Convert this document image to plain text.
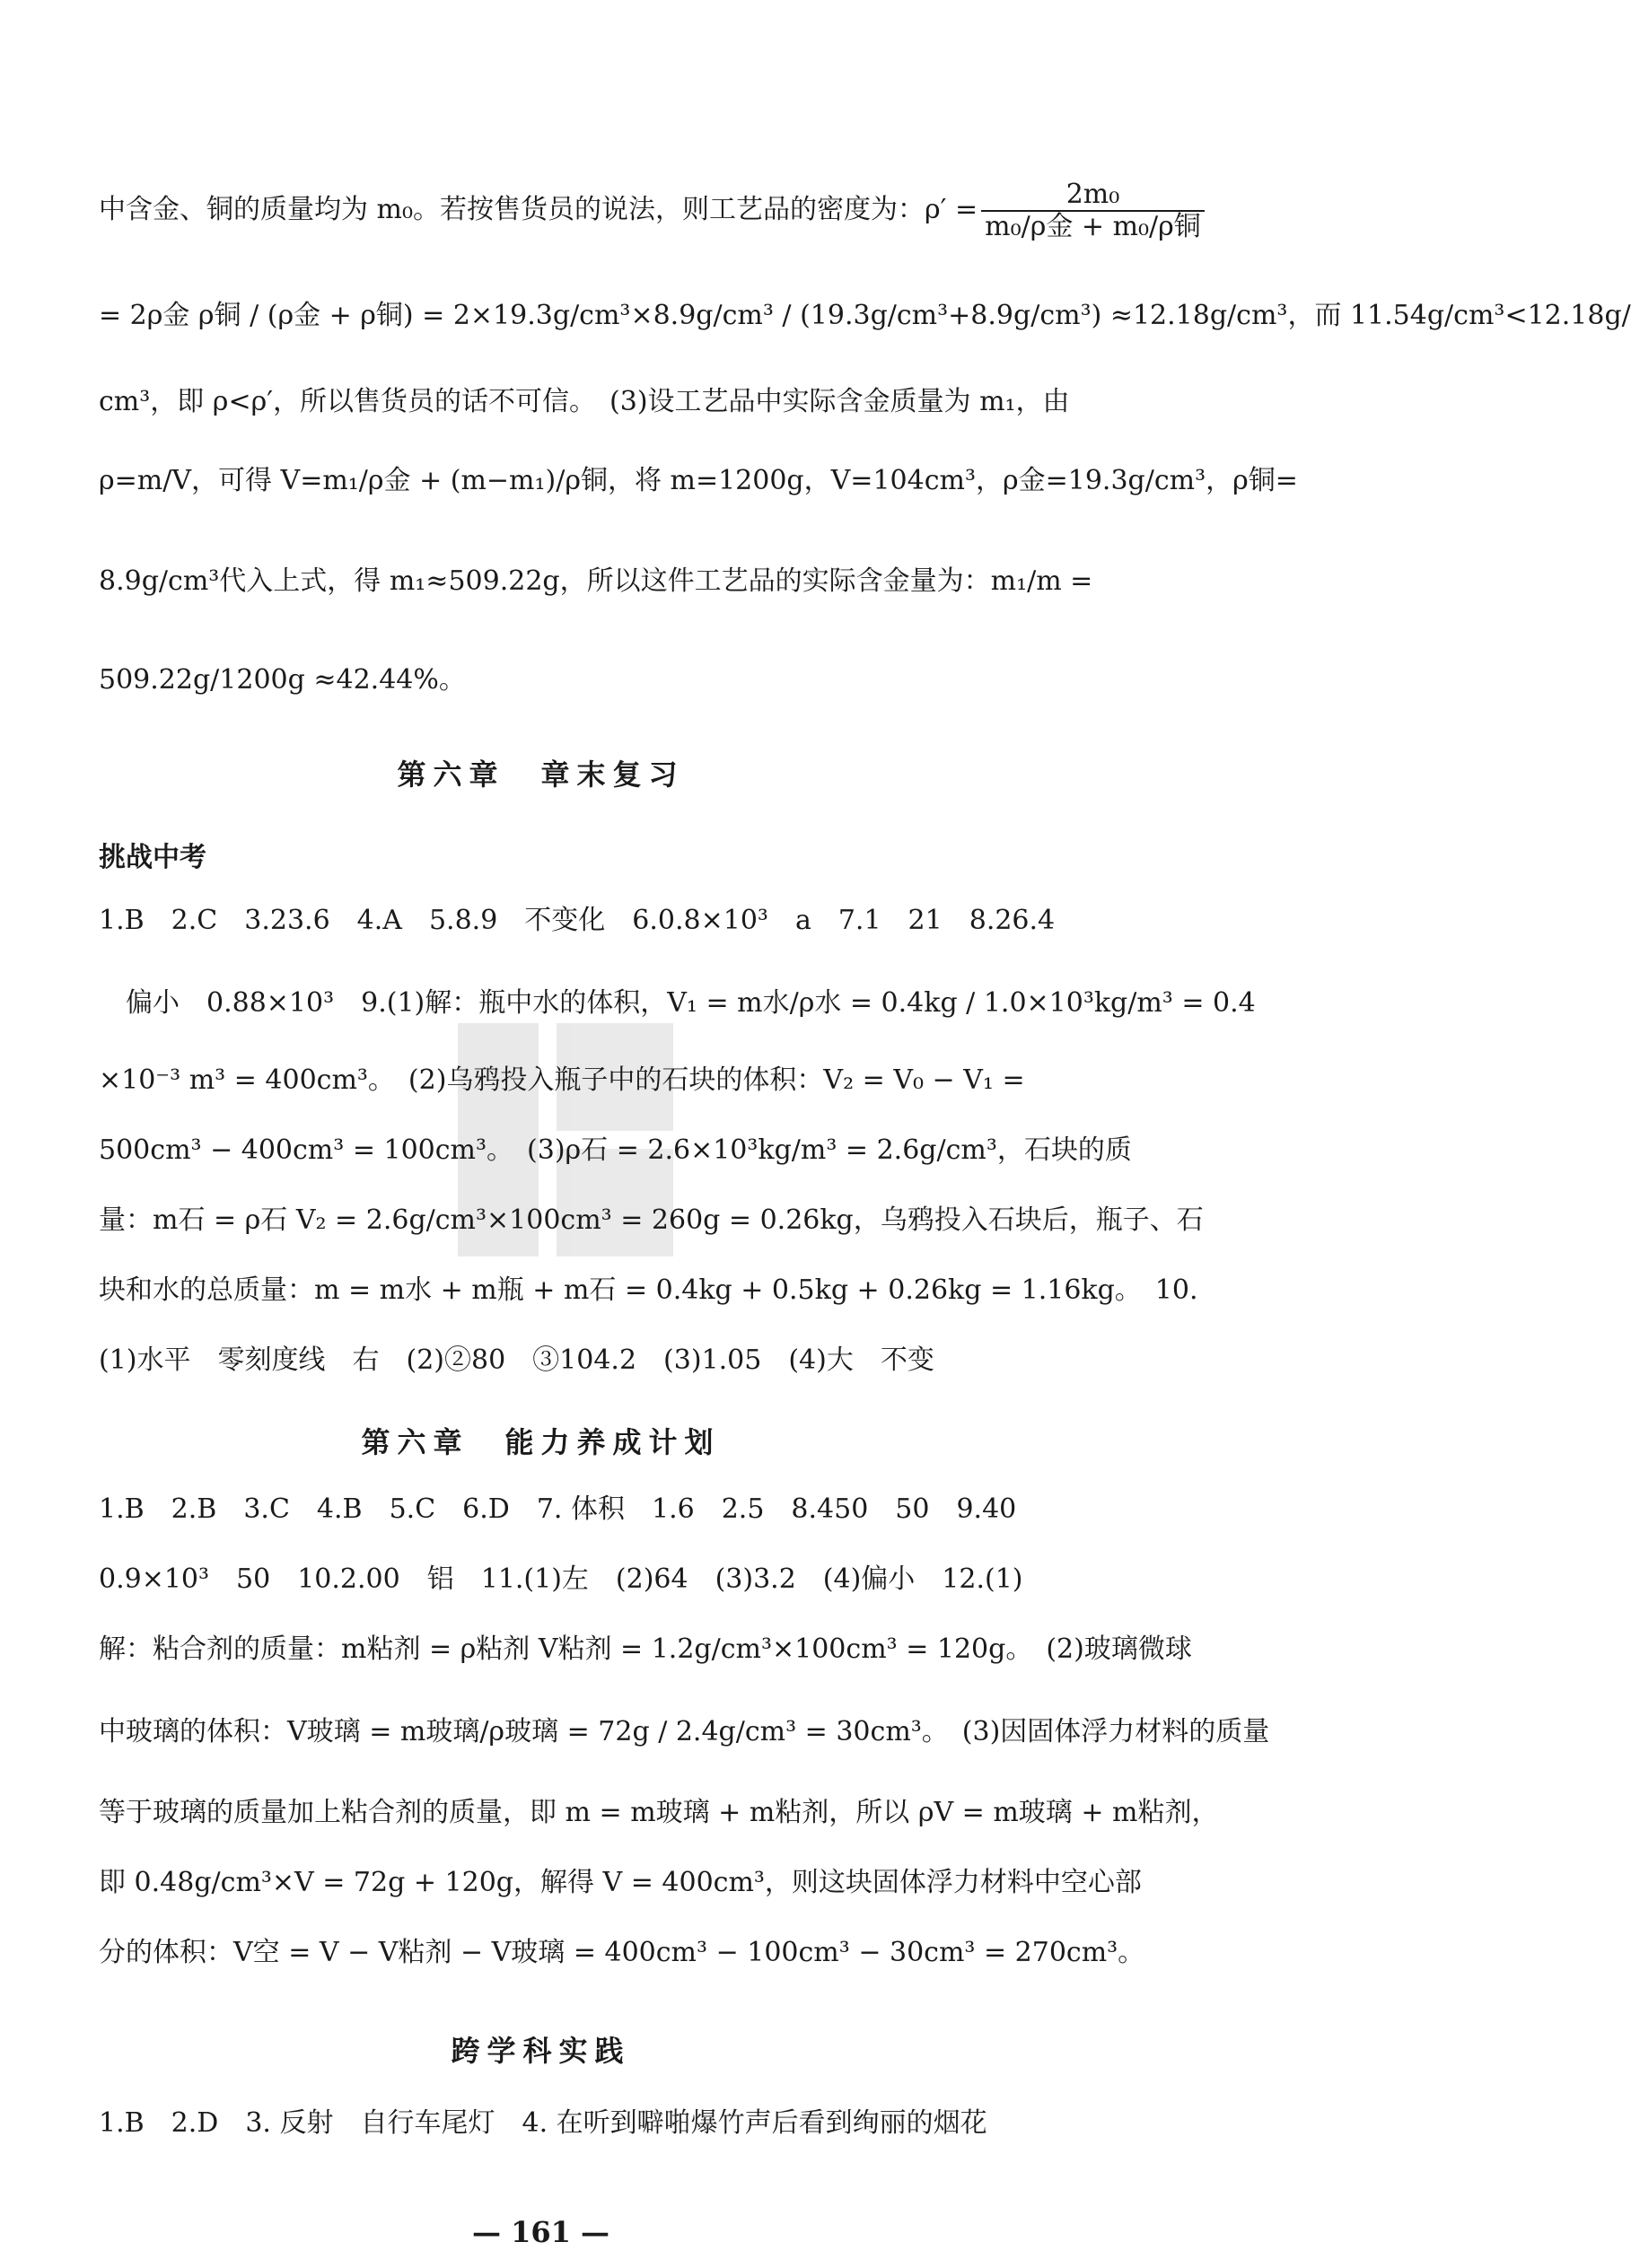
中含金、铜的质量均为 m₀。若按售货员的说法，则工艺品的密度为：$\rho' = \frac{\text{2m₀}}{\text{m₀/ρ金 + m₀/ρ铜}}$
= 2ρ金 ρ铜 / (ρ金 + ρ铜) = 2×19.3g/cm³×8.9g/cm³ / (19.3g/cm³+8.9g/cm³) ≈12.18g/cm³，而 11.54g/cm³<12.18g/
cm³，即 ρ<ρ′，所以售货员的话不可信。　(3)设工艺品中实际含金质量为 m₁，由
ρ=m/V，可得 V=m₁/ρ金 + (m−m₁)/ρ铜，将 m=1200g，V=104cm³，ρ金=19.3g/cm³，ρ铜=
8.9g/cm³代入上式，得 m₁≈509.22g，所以这件工艺品的实际含金量为：m₁/m =
509.22g/1200g ≈42.44%。
第六章　章末复习
挑战中考
1.B　2.C　3.23.6　4.A　5.8.9　不变化　6.0.8×10³　a　7.1　21　8.26.4
偏小　0.88×10³　9.(1)解：瓶中水的体积，V₁ = m水/ρ水 = 0.4kg / 1.0×10³kg/m³ = 0.4
×10⁻³ m³ = 400cm³。　(2)乌鸦投入瓶子中的石块的体积：V₂ = V₀ − V₁ =
500cm³ − 400cm³ = 100cm³。　(3)ρ石 = 2.6×10³kg/m³ = 2.6g/cm³，石块的质
量：m石 = ρ石 V₂ = 2.6g/cm³×100cm³ = 260g = 0.26kg，乌鸦投入石块后，瓶子、石
块和水的总质量：m = m水 + m瓶 + m石 = 0.4kg + 0.5kg + 0.26kg = 1.16kg。　10.
(1)水平　零刻度线　右　(2)②80　③104.2　(3)1.05　(4)大　不变
第六章　能力养成计划
1.B　2.B　3.C　4.B　5.C　6.D　7. 体积　1.6　2.5　8.450　50　9.40
0.9×10³　50　10.2.00　铝　11.(1)左　(2)64　(3)3.2　(4)偏小　12.(1)
解：粘合剂的质量：m粘剂 = ρ粘剂 V粘剂 = 1.2g/cm³×100cm³ = 120g。　(2)玻璃微球
中玻璃的体积：V玻璃 = m玻璃/ρ玻璃 = 72g / 2.4g/cm³ = 30cm³。　(3)因固体浮力材料的质量
等于玻璃的质量加上粘合剂的质量，即 m = m玻璃 + m粘剂，所以 ρV = m玻璃 + m粘剂，
即 0.48g/cm³×V = 72g + 120g，解得 V = 400cm³，则这块固体浮力材料中空心部
分的体积：V空 = V − V粘剂 − V玻璃 = 400cm³ − 100cm³ − 30cm³ = 270cm³。
跨学科实践
1.B　2.D　3. 反射　自行车尾灯　4. 在听到噼啪爆竹声后看到绚丽的烟花
— 161 —
